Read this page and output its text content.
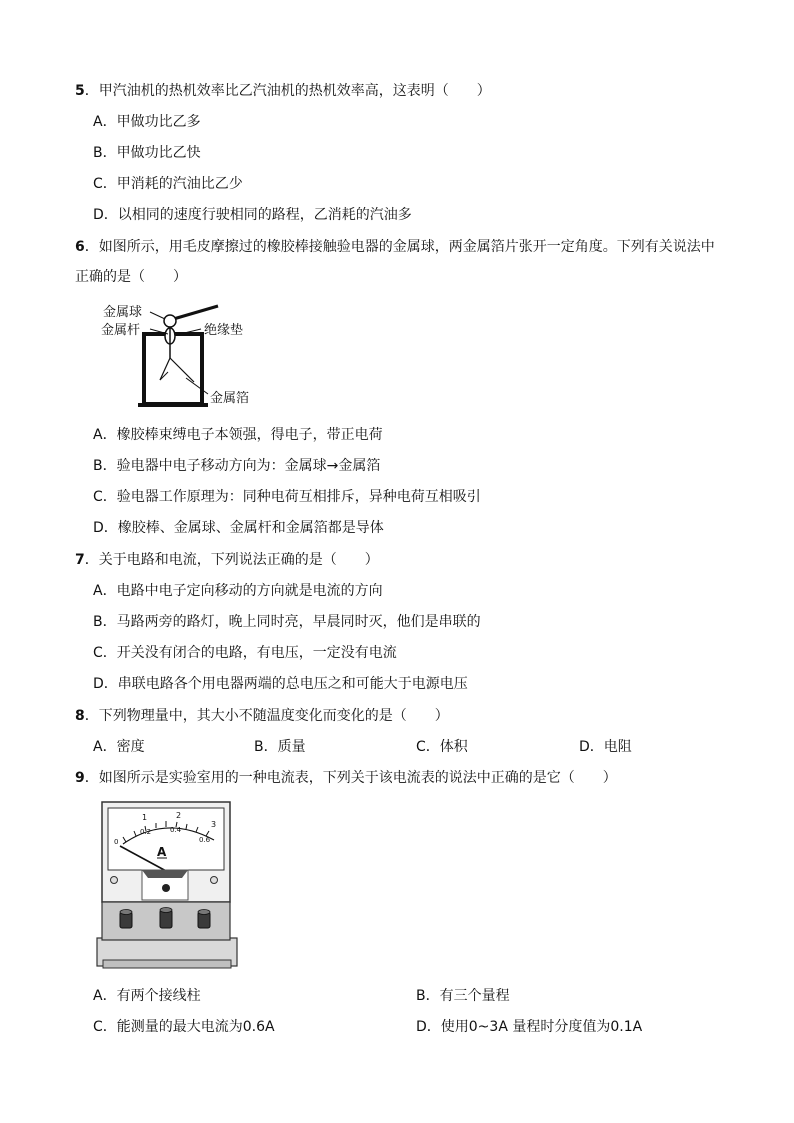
5．甲汽油机的热机效率比乙汽油机的热机效率高，这表明（　　）
A．甲做功比乙多
B．甲做功比乙快
C．甲消耗的汽油比乙少
D．以相同的速度行驶相同的路程，乙消耗的汽油多
6．如图所示，用毛皮摩擦过的橡胶棒接触验电器的金属球，两金属箔片张开一定角度。下列有关说法中
正确的是（　　）
金属球
金属杆	绝缘垫
金属箔
A．橡胶棒束缚电子本领强，得电子，带正电荷
B．验电器中电子移动方向为：金属球→金属箔
C．验电器工作原理为：同种电荷互相排斥，异种电荷互相吸引
D．橡胶棒、金属球、金属杆和金属箔都是导体
7．关于电路和电流，下列说法正确的是（　　）
A．电路中电子定向移动的方向就是电流的方向
B．马路两旁的路灯，晚上同时亮，早晨同时灭，他们是串联的
C．开关没有闭合的电路，有电压，一定没有电流
D．串联电路各个用电器两端的总电压之和可能大于电源电压
8．下列物理量中，其大小不随温度变化而变化的是（　　）
A．密度	B．质量	C．体积	D．电阻
9．如图所示是实验室用的一种电流表，下列关于该电流表的说法中正确的是它（　　）
1	2
3
0.2	0.4
0.6
0
A
A．有两个接线柱	B．有三个量程
C．能测量的最大电流为0.6A	D．使用0~3A 量程时分度值为0.1A
